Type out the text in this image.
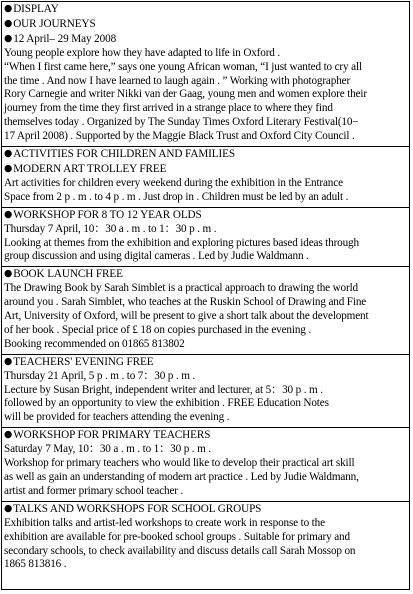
● DISPLAY
● OUR JOURNEYS
● 12 April– 29 May 2008
Young people explore how they have adapted to life in Oxford .
“When I first came here,” says one young African woman, “I just wanted to cry all
the time . And now I have learned to laugh again . ” Working with photographer
Rory Carnegie and writer Nikki van der Gaag, young men and women explore their
journey from the time they first arrived in a strange place to where they find
themselves today . Organized by The Sunday Times Oxford Literary Festival(10−
17 April 2008) . Supported by the Maggie Black Trust and Oxford City Council .
● ACTIVITIES FOR CHILDREN AND FAMILIES
● MODERN ART TROLLEY FREE
Art activities for children every weekend during the exhibition in the Entrance
Space from 2 p . m . to 4 p . m . Just drop in . Children must be led by an adult .
● WORKSHOP FOR 8 TO 12 YEAR OLDS
Thursday 7 April, 10：30 a . m . to 1：30 p . m .
Looking at themes from the exhibition and exploring pictures based ideas through
group discussion and using digital cameras . Led by Judie Waldmann .
● BOOK LAUNCH FREE
The Drawing Book by Sarah Simblet is a practical approach to drawing the world
around you . Sarah Simblet, who teaches at the Ruskin School of Drawing and Fine
Art, University of Oxford, will be present to give a short talk about the development
of her book . Special price of £ 18 on copies purchased in the evening .
Booking recommended on 01865 813802
● TEACHERS' EVENING FREE
Thursday 21 April, 5 p . m . to 7：30 p . m .
Lecture by Susan Bright, independent writer and lecturer, at 5：30 p . m .
followed by an opportunity to view the exhibition . FREE Education Notes
will be provided for teachers attending the evening .
● WORKSHOP FOR PRIMARY TEACHERS
Saturday 7 May, 10：30 a . m . to 1：30 p . m .
Workshop for primary teachers who would like to develop their practical art skill
as well as gain an understanding of modern art practice . Led by Judie Waldmann,
artist and former primary school teacher .
● TALKS AND WORKSHOPS FOR SCHOOL GROUPS
Exhibition talks and artist-led workshops to create work in response to the
exhibition are available for pre-booked school groups . Suitable for primary and
secondary schools, to check availability and discuss details call Sarah Mossop on
1865 813816 .
